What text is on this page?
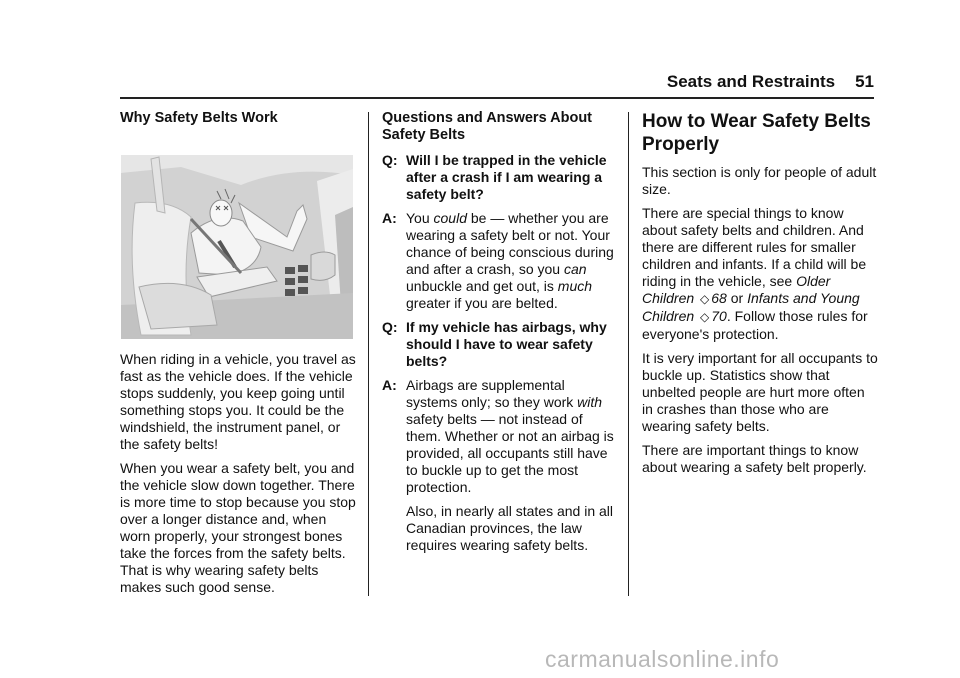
Seats and Restraints 51
Why Safety Belts Work

When riding in a vehicle, you travel as fast as the vehicle does. If the vehicle stops suddenly, you keep going until something stops you. It could be the windshield, the instrument panel, or the safety belts!

When you wear a safety belt, you and the vehicle slow down together. There is more time to stop because you stop over a longer distance and, when worn properly, your strongest bones take the forces from the safety belts. That is why wearing safety belts makes such good sense.

Questions and Answers About Safety Belts
Q: Will I be trapped in the vehicle after a crash if I am wearing a safety belt?
A: You could be — whether you are wearing a safety belt or not. Your chance of being conscious during and after a crash, so you can unbuckle and get out, is much greater if you are belted.
Q: If my vehicle has airbags, why should I have to wear safety belts?
A: Airbags are supplemental systems only; so they work with safety belts — not instead of them. Whether or not an airbag is provided, all occupants still have to buckle up to get the most protection.

Also, in nearly all states and in all Canadian provinces, the law requires wearing safety belts.

How to Wear Safety Belts Properly

This section is only for people of adult size.

There are special things to know about safety belts and children. And there are different rules for smaller children and infants. If a child will be riding in the vehicle, see Older Children ◇ 68 or Infants and Young Children ◇ 70. Follow those rules for everyone's protection.

It is very important for all occupants to buckle up. Statistics show that unbelted people are hurt more often in crashes than those who are wearing safety belts.

There are important things to know about wearing a safety belt properly.

carmanualsonline.info
